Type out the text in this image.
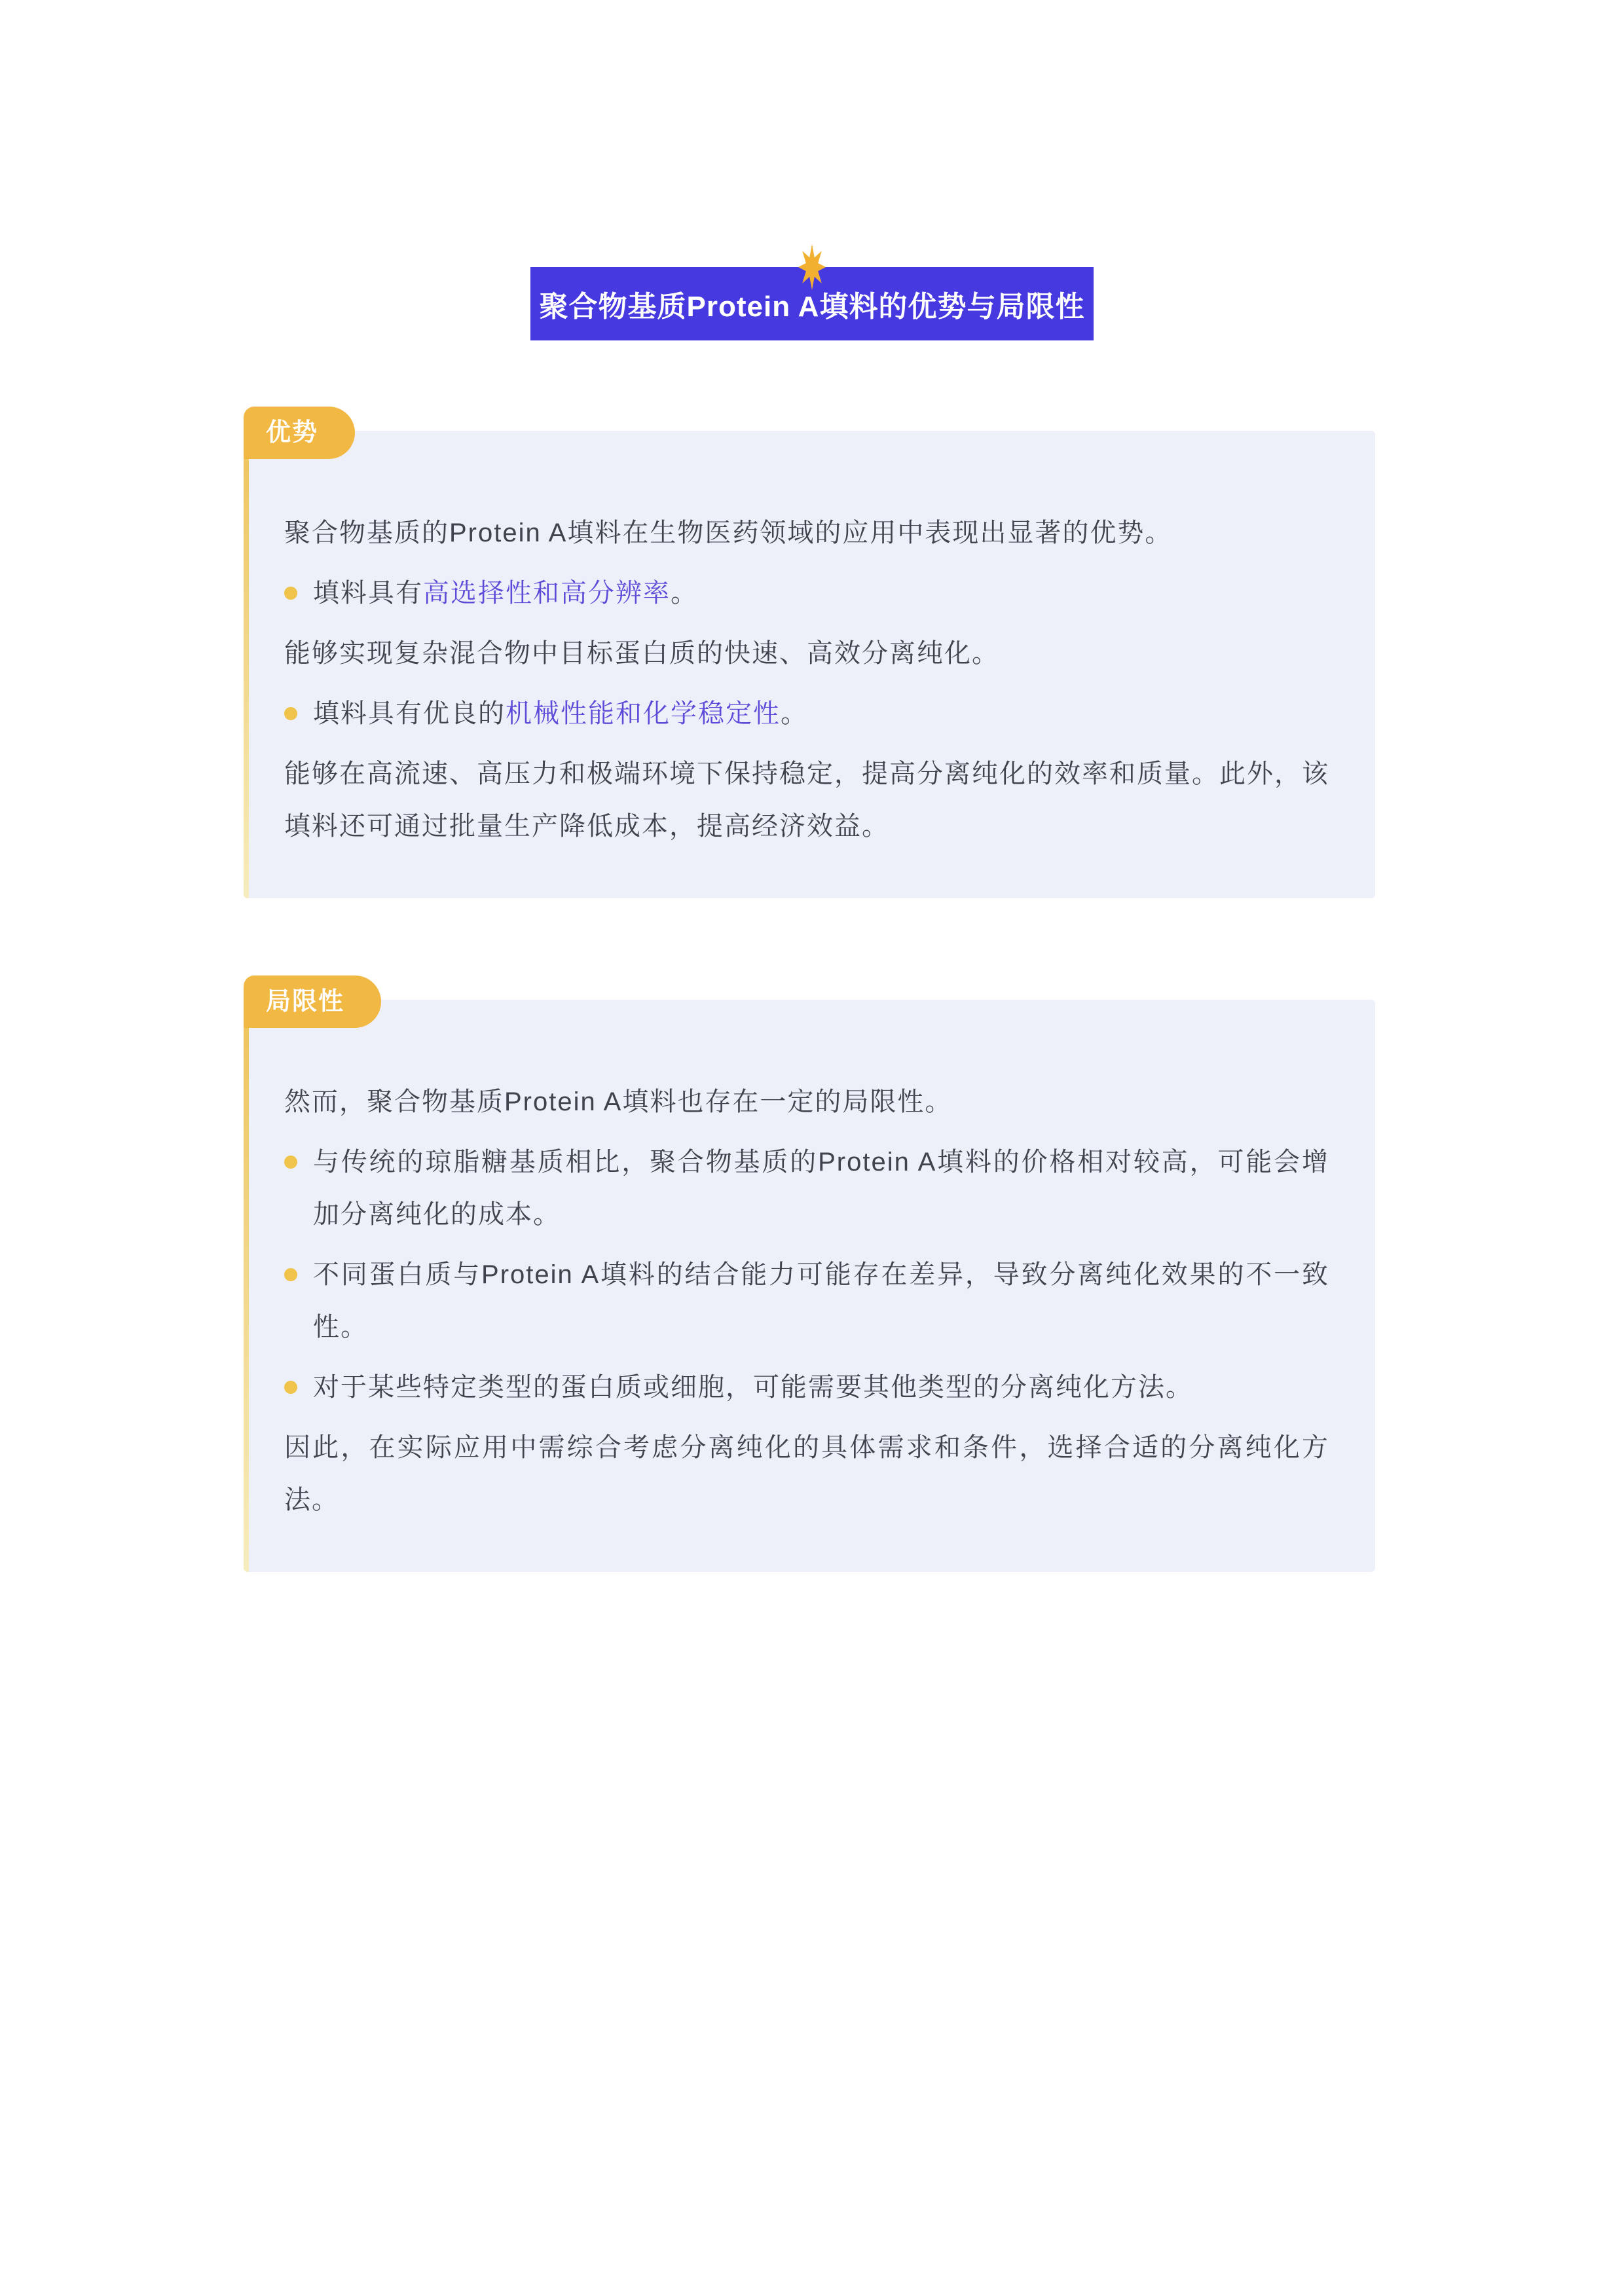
聚合物基质Protein A填料的优势与局限性
优势

聚合物基质的Protein A填料在生物医药领域的应用中表现出显著的优势。

填料具有高选择性和高分辨率。

能够实现复杂混合物中目标蛋白质的快速、高效分离纯化。

填料具有优良的机械性能和化学稳定性。

能够在高流速、高压力和极端环境下保持稳定，提高分离纯化的效率和质量。此外，该填料还可通过批量生产降低成本，提高经济效益。

局限性

然而，聚合物基质Protein A填料也存在一定的局限性。

与传统的琼脂糖基质相比，聚合物基质的Protein A填料的价格相对较高，可能会增加分离纯化的成本。

不同蛋白质与Protein A填料的结合能力可能存在差异，导致分离纯化效果的不一致性。

对于某些特定类型的蛋白质或细胞，可能需要其他类型的分离纯化方法。

因此，在实际应用中需综合考虑分离纯化的具体需求和条件，选择合适的分离纯化方法。
